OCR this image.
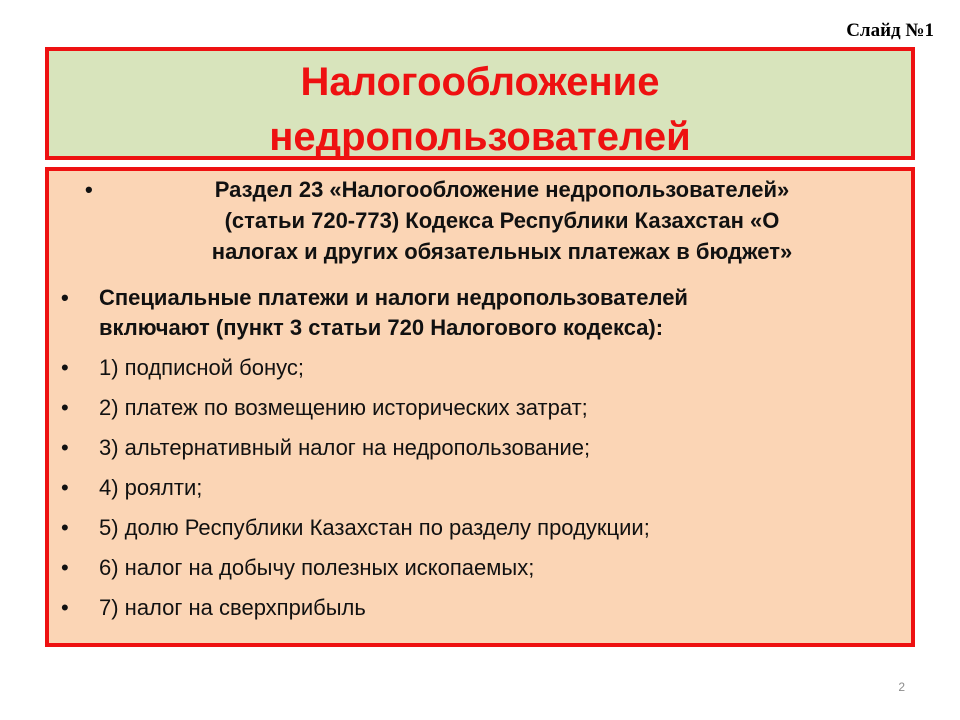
Слайд №1
Налогообложение
недропользователей
•	Раздел 23 «Налогообложение недропользователей»
(статьи 720-773) Кодекса Республики Казахстан «О
налогах и других обязательных платежах в бюджет»
• Специальные платежи и налоги недропользователей
включают (пункт 3 статьи 720 Налогового кодекса):
• 1) подписной бонус;
• 2) платеж по возмещению исторических затрат;
• 3) альтернативный налог на недропользование;
• 4) роялти;
• 5) долю Республики Казахстан по разделу продукции;
• 6) налог на добычу полезных ископаемых;
• 7) налог на сверхприбыль
2
